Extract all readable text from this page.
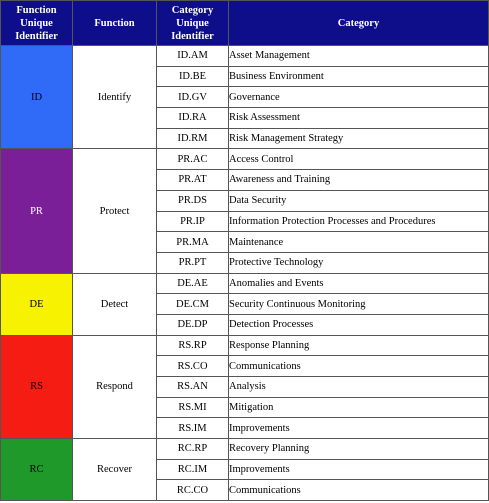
Function Unique Identifier	Function	Category Unique Identifier	Category
ID	Identify	ID.AM	Asset Management
		ID.BE	Business Environment
		ID.GV	Governance
		ID.RA	Risk Assessment
		ID.RM	Risk Management Strategy
PR	Protect	PR.AC	Access Control
		PR.AT	Awareness and Training
		PR.DS	Data Security
		PR.IP	Information Protection Processes and Procedures
		PR.MA	Maintenance
		PR.PT	Protective Technology
DE	Detect	DE.AE	Anomalies and Events
		DE.CM	Security Continuous Monitoring
		DE.DP	Detection Processes
RS	Respond	RS.RP	Response Planning
		RS.CO	Communications
		RS.AN	Analysis
		RS.MI	Mitigation
		RS.IM	Improvements
RC	Recover	RC.RP	Recovery Planning
		RC.IM	Improvements
		RC.CO	Communications
